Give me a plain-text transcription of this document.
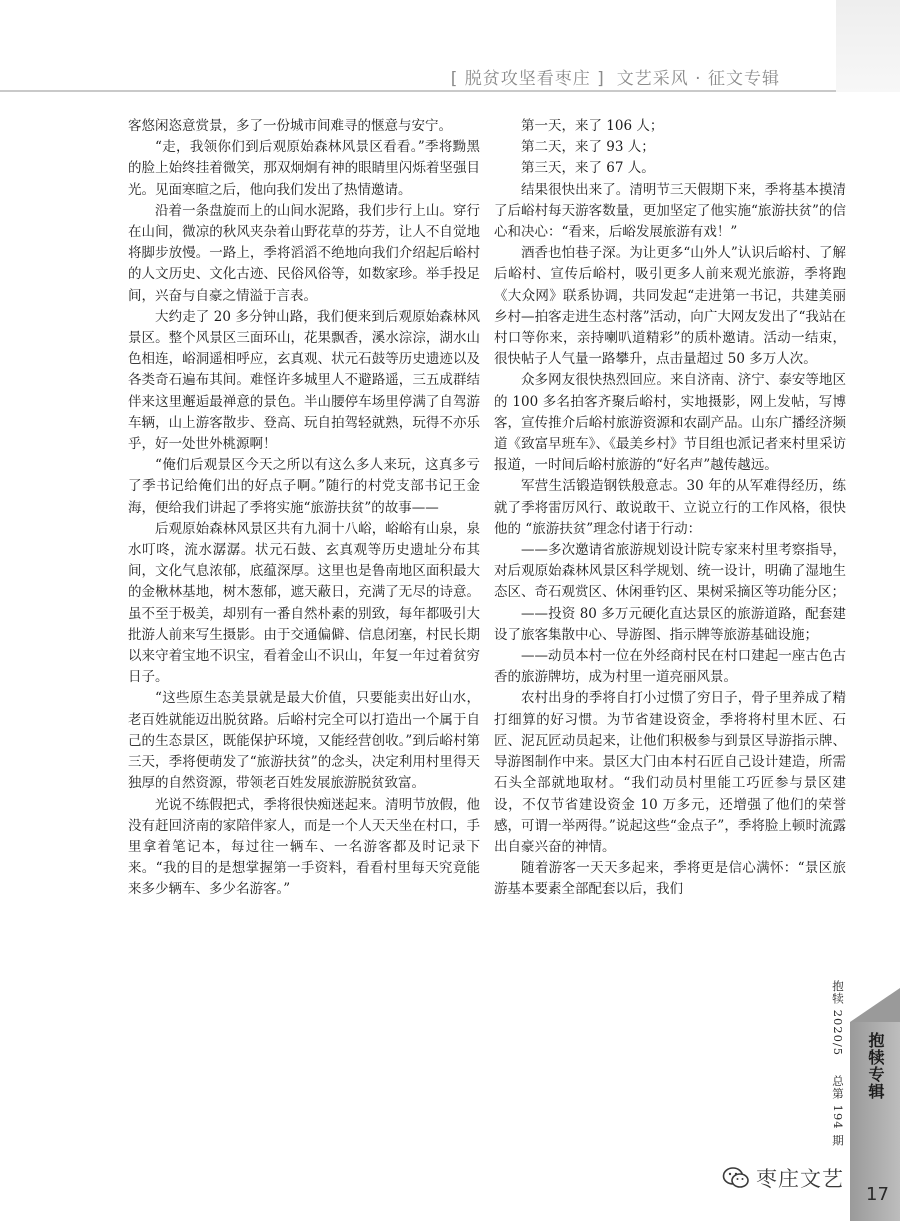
[ 脱贫攻坚看枣庄 ] 文艺采风 · 征文专辑

客悠闲恣意赏景，多了一份城市间难寻的惬意与安宁。

“走，我领你们到后观原始森林风景区看看。”季将黝黑的脸上始终挂着微笑，那双炯炯有神的眼睛里闪烁着坚强目光。见面寒暄之后，他向我们发出了热情邀请。

沿着一条盘旋而上的山间水泥路，我们步行上山。穿行在山间，微凉的秋风夹杂着山野花草的芬芳，让人不自觉地将脚步放慢。一路上，季将滔滔不绝地向我们介绍起后峪村的人文历史、文化古迹、民俗风俗等，如数家珍。举手投足间，兴奋与自豪之情溢于言表。

大约走了 20 多分钟山路，我们便来到后观原始森林风景区。整个风景区三面环山，花果飘香，溪水淙淙，湖水山色相连，峪洞遥相呼应，玄真观、状元石鼓等历史遗迹以及各类奇石遍布其间。难怪许多城里人不避路遥，三五成群结伴来这里邂逅最禅意的景色。半山腰停车场里停满了自驾游车辆，山上游客散步、登高、玩自拍驾轻就熟，玩得不亦乐乎，好一处世外桃源啊！

“俺们后观景区今天之所以有这么多人来玩，这真多亏了季书记给俺们出的好点子啊。”随行的村党支部书记王金海，便给我们讲起了季将实施“旅游扶贫”的故事——

后观原始森林风景区共有九洞十八峪，峪峪有山泉，泉水叮咚，流水潺潺。状元石鼓、玄真观等历史遗址分布其间，文化气息浓郁，底蕴深厚。这里也是鲁南地区面积最大的金楸林基地，树木葱郁，遮天蔽日，充满了无尽的诗意。虽不至于极美，却别有一番自然朴素的别致，每年都吸引大批游人前来写生摄影。由于交通偏僻、信息闭塞，村民长期以来守着宝地不识宝，看着金山不识山，年复一年过着贫穷日子。

“这些原生态美景就是最大价值，只要能卖出好山水，老百姓就能迈出脱贫路。后峪村完全可以打造出一个属于自己的生态景区，既能保护环境，又能经营创收。”到后峪村第三天，季将便萌发了“旅游扶贫”的念头，决定利用村里得天独厚的自然资源，带领老百姓发展旅游脱贫致富。

光说不练假把式，季将很快痴迷起来。清明节放假，他没有赶回济南的家陪伴家人，而是一个人天天坐在村口，手里拿着笔记本，每过往一辆车、一名游客都及时记录下来。“我的目的是想掌握第一手资料，看看村里每天究竟能来多少辆车、多少名游客。”

第一天，来了 106 人；

第二天，来了 93 人；

第三天，来了 67 人。

结果很快出来了。清明节三天假期下来，季将基本摸清了后峪村每天游客数量，更加坚定了他实施“旅游扶贫”的信心和决心：“看来，后峪发展旅游有戏！”

酒香也怕巷子深。为让更多“山外人”认识后峪村、了解后峪村、宣传后峪村，吸引更多人前来观光旅游，季将跑《大众网》联系协调，共同发起“走进第一书记，共建美丽乡村—拍客走进生态村落”活动，向广大网友发出了“我站在村口等你来，亲持喇叭道精彩”的质朴邀请。活动一结束，很快帖子人气量一路攀升，点击量超过 50 多万人次。

众多网友很快热烈回应。来自济南、济宁、泰安等地区的 100 多名拍客齐聚后峪村，实地摄影，网上发帖，写博客，宣传推介后峪村旅游资源和农副产品。山东广播经济频道《致富早班车》、《最美乡村》节目组也派记者来村里采访报道，一时间后峪村旅游的“好名声”越传越远。

军营生活锻造钢铁般意志。30 年的从军难得经历，练就了季将雷厉风行、敢说敢干、立说立行的工作风格，很快他的 “旅游扶贫”理念付诸于行动：

——多次邀请省旅游规划设计院专家来村里考察指导，对后观原始森林风景区科学规划、统一设计，明确了湿地生态区、奇石观赏区、休闲垂钓区、果树采摘区等功能分区；

——投资 80 多万元硬化直达景区的旅游道路，配套建设了旅客集散中心、导游图、指示牌等旅游基础设施；

——动员本村一位在外经商村民在村口建起一座古色古香的旅游牌坊，成为村里一道亮丽风景。

农村出身的季将自打小过惯了穷日子，骨子里养成了精打细算的好习惯。为节省建设资金，季将将村里木匠、石匠、泥瓦匠动员起来，让他们积极参与到景区导游指示牌、导游图制作中来。景区大门由本村石匠自己设计建造，所需石头全部就地取材。“我们动员村里能工巧匠参与景区建设，不仅节省建设资金 10 万多元，还增强了他们的荣誉感，可谓一举两得。”说起这些“金点子”，季将脸上顿时流露出自豪兴奋的神情。

随着游客一天天多起来，季将更是信心满怀：“景区旅游基本要素全部配套以后，我们

抱犊 2020/5 总第 194 期
抱犊专辑
17
枣庄文艺
